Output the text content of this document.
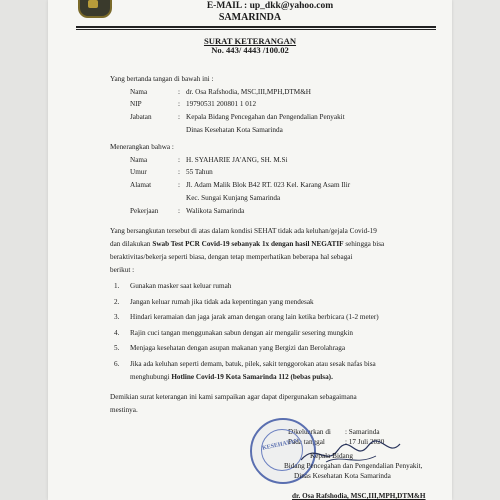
E-MAIL : up_dkk@yahoo.com
SAMARINDA
SURAT KETERANGAN
No. 443/ 4443 /100.02
Yang bertanda tangan di bawah ini :
Nama	: dr. Osa Rafshodia, MSC,III,MPH,DTM&H
NIP	: 19790531 200801 1 012
Jabatan	: Kepala Bidang Pencegahan dan Pengendalian Penyakit
Dinas Kesehatan Kota Samarinda
Menerangkan bahwa :
Nama	: H. SYAHARIE JA'ANG, SH. M.Si
Umur	: 55 Tahun
Alamat	: Jl. Adam Malik Blok B42 RT. 023 Kel. Karang Asam Ilir
Kec. Sungai Kunjang Samarinda
Pekerjaan	: Walikota Samarinda
Yang bersangkutan tersebut di atas dalam kondisi SEHAT tidak ada keluhan/gejala Covid-19
dan dilakukan Swab Test PCR Covid-19 sebanyak 1x dengan hasil NEGATIF sehingga bisa
beraktivitas/bekerja seperti biasa, dengan tetap memperhatikan beberapa hal sebagai
berikut :
1. Gunakan masker saat keluar rumah
2. Jangan keluar rumah jika tidak ada kepentingan yang mendesak
3. Hindari keramaian dan jaga jarak aman dengan orang lain ketika berbicara (1-2 meter)
4. Rajin cuci tangan menggunakan sabun dengan air mengalir sesering mungkin
5. Menjaga kesehatan dengan asupan makanan yang Bergizi dan Berolahraga
6. Jika ada keluhan seperti demam, batuk, pilek, sakit tenggorokan atau sesak nafas bisa
menghubungi Hotline Covid-19 Kota Samarinda 112 (bebas pulsa).
Demikian surat keterangan ini kami sampaikan agar dapat dipergunakan sebagaimana
mestinya.
Dikeluarkan di : Samarinda
Pada tanggal	: 17 Juli 2020
KESEHATAN
Kepala Bidang
Bidang Pencegahan dan Pengendalian Penyakit,
Dinas Kesehatan Kota Samarinda
dr. Osa Rafshodia, MSC,III,MPH,DTM&H
